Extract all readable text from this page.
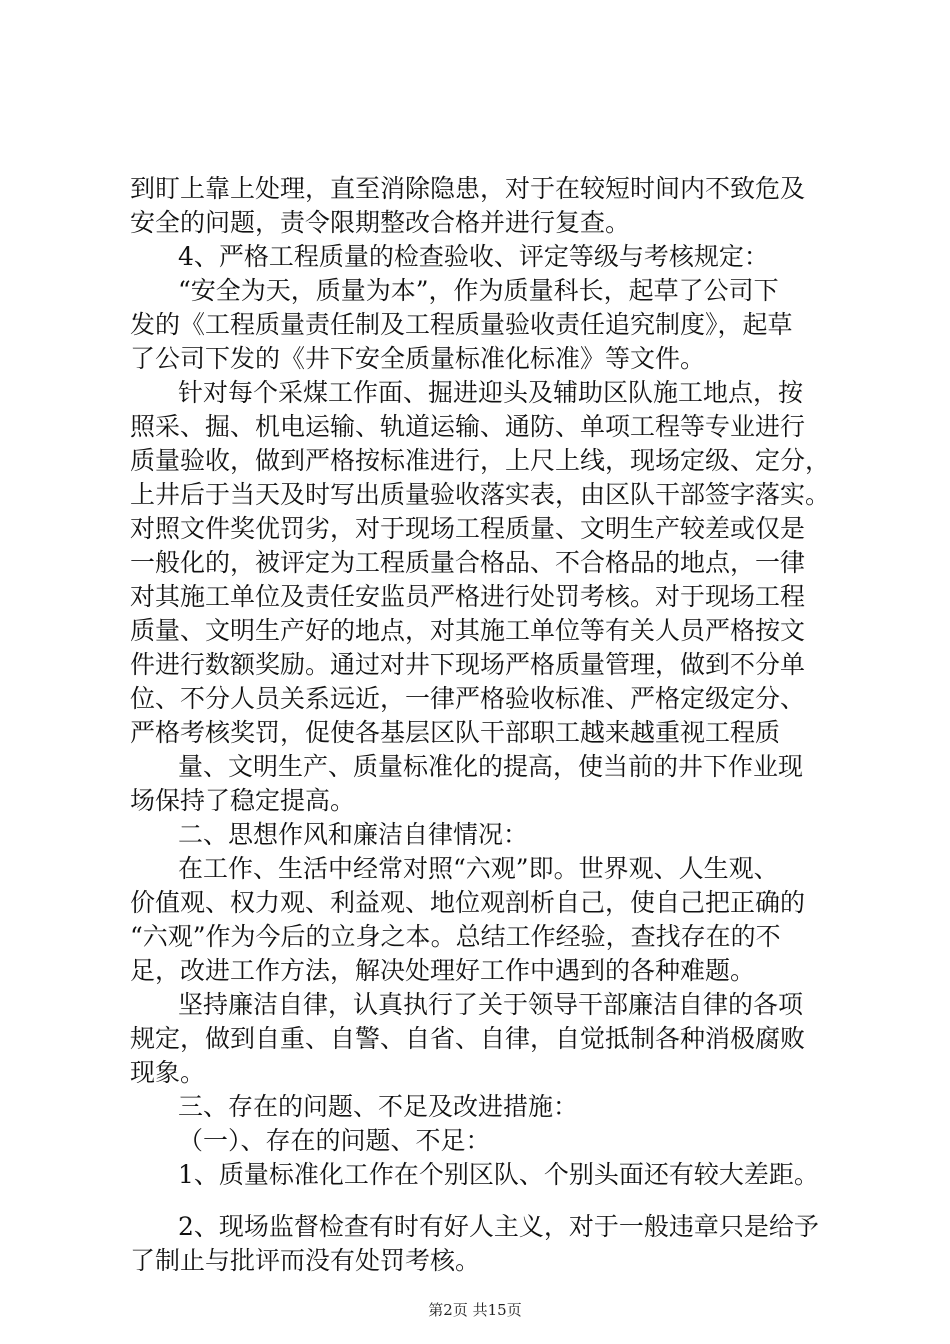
到盯上靠上处理，直至消除隐患，对于在较短时间内不致危及
安全的问题，责令限期整改合格并进行复查。
4、严格工程质量的检查验收、评定等级与考核规定：
“安全为天，质量为本”，作为质量科长，起草了公司下
发的《工程质量责任制及工程质量验收责任追究制度》，起草
了公司下发的《井下安全质量标准化标准》等文件。
针对每个采煤工作面、掘进迎头及辅助区队施工地点，按
照采、掘、机电运输、轨道运输、通防、单项工程等专业进行
质量验收，做到严格按标准进行，上尺上线，现场定级、定分，
上井后于当天及时写出质量验收落实表，由区队干部签字落实。
对照文件奖优罚劣，对于现场工程质量、文明生产较差或仅是
一般化的，被评定为工程质量合格品、不合格品的地点，一律
对其施工单位及责任安监员严格进行处罚考核。对于现场工程
质量、文明生产好的地点，对其施工单位等有关人员严格按文
件进行数额奖励。通过对井下现场严格质量管理，做到不分单
位、不分人员关系远近，一律严格验收标准、严格定级定分、
严格考核奖罚，促使各基层区队干部职工越来越重视工程质
量、文明生产、质量标准化的提高，使当前的井下作业现
场保持了稳定提高。
二、思想作风和廉洁自律情况：
在工作、生活中经常对照“六观”即。世界观、人生观、
价值观、权力观、利益观、地位观剖析自己，使自己把正确的
“六观”作为今后的立身之本。总结工作经验，查找存在的不
足，改进工作方法，解决处理好工作中遇到的各种难题。
坚持廉洁自律，认真执行了关于领导干部廉洁自律的各项
规定，做到自重、自警、自省、自律，自觉抵制各种消极腐败
现象。
三、存在的问题、不足及改进措施：
（一）、存在的问题、不足：
1、质量标准化工作在个别区队、个别头面还有较大差距。
2、现场监督检查有时有好人主义，对于一般违章只是给予
了制止与批评而没有处罚考核。
第2页 共15页
